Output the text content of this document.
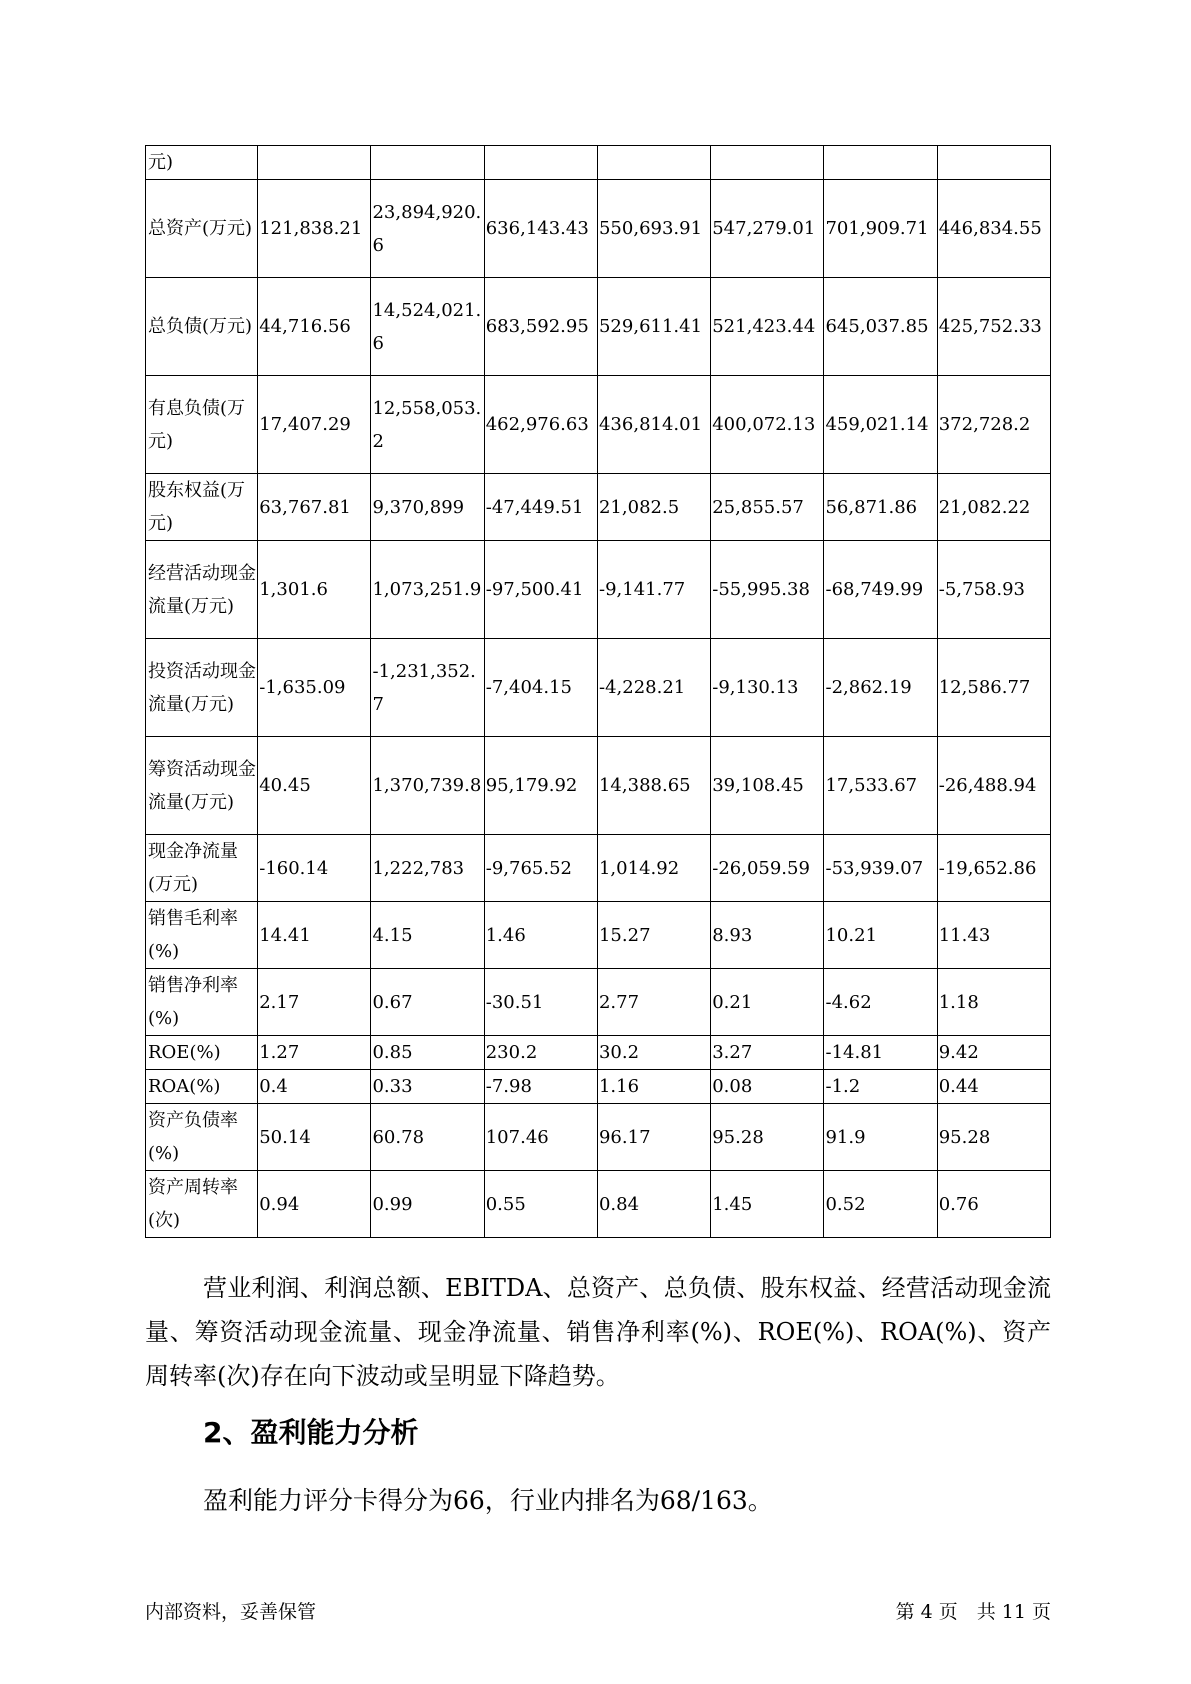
元)							
总资产(万元)	121,838.21	23,894,920.6	636,143.43	550,693.91	547,279.01	701,909.71	446,834.55
总负债(万元)	44,716.56	14,524,021.6	683,592.95	529,611.41	521,423.44	645,037.85	425,752.33
有息负债(万元)	17,407.29	12,558,053.2	462,976.63	436,814.01	400,072.13	459,021.14	372,728.2
股东权益(万元)	63,767.81	9,370,899	-47,449.51	21,082.5	25,855.57	56,871.86	21,082.22
经营活动现金流量(万元)	1,301.6	1,073,251.9	-97,500.41	-9,141.77	-55,995.38	-68,749.99	-5,758.93
投资活动现金流量(万元)	-1,635.09	-1,231,352.7	-7,404.15	-4,228.21	-9,130.13	-2,862.19	12,586.77
筹资活动现金流量(万元)	40.45	1,370,739.8	95,179.92	14,388.65	39,108.45	17,533.67	-26,488.94
现金净流量(万元)	-160.14	1,222,783	-9,765.52	1,014.92	-26,059.59	-53,939.07	-19,652.86
销售毛利率(%)	14.41	4.15	1.46	15.27	8.93	10.21	11.43
销售净利率(%)	2.17	0.67	-30.51	2.77	0.21	-4.62	1.18
ROE(%)	1.27	0.85	230.2	30.2	3.27	-14.81	9.42
ROA(%)	0.4	0.33	-7.98	1.16	0.08	-1.2	0.44
资产负债率(%)	50.14	60.78	107.46	96.17	95.28	91.9	95.28
资产周转率(次)	0.94	0.99	0.55	0.84	1.45	0.52	0.76

营业利润、利润总额、EBITDA、总资产、总负债、股东权益、经营活动现金流量、筹资活动现金流量、现金净流量、销售净利率(%)、ROE(%)、ROA(%)、资产周转率(次)存在向下波动或呈明显下降趋势。

2、盈利能力分析

盈利能力评分卡得分为66，行业内排名为68/163。

内部资料，妥善保管	第 4 页　共 11 页
